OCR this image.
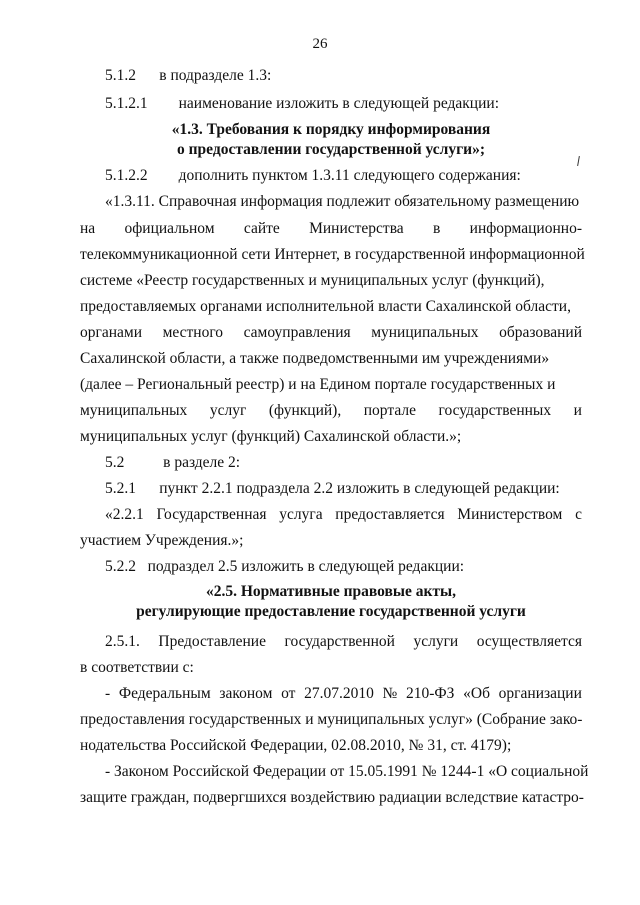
26
5.1.2  в подразделе 1.3:
5.1.2.1  наименование изложить в следующей редакции:
«1.3. Требования к порядку информирования
о предоставлении государственной услуги»;
5.1.2.2  дополнить пунктом 1.3.11 следующего содержания:
«1.3.11. Справочная информация подлежит обязательному размещению
на официальном сайте Министерства в информационно-
телекоммуникационной сети Интернет, в государственной информационной
системе «Реестр государственных и муниципальных услуг (функций),
предоставляемых органами исполнительной власти Сахалинской области,
органами местного самоуправления муниципальных образований
Сахалинской области, а также подведомственными им учреждениями»
(далее – Региональный реестр) и на Едином портале государственных и
муниципальных услуг (функций), портале государственных и
муниципальных услуг (функций) Сахалинской области.»;
5.2   в разделе 2:
5.2.1  пункт 2.2.1 подраздела 2.2 изложить в следующей редакции:
«2.2.1 Государственная услуга предоставляется Министерством с
участием Учреждения.»;
5.2.2  подраздел 2.5 изложить в следующей редакции:
«2.5. Нормативные правовые акты,
регулирующие предоставление государственной услуги
2.5.1. Предоставление государственной услуги осуществляется
в соответствии с:
- Федеральным законом от 27.07.2010 № 210-ФЗ «Об организации
предоставления государственных и муниципальных услуг» (Собрание зако-
нодательства Российской Федерации, 02.08.2010, № 31, ст. 4179);
- Законом Российской Федерации от 15.05.1991 № 1244-1 «О социальной
защите граждан, подвергшихся воздействию радиации вследствие катастро-
